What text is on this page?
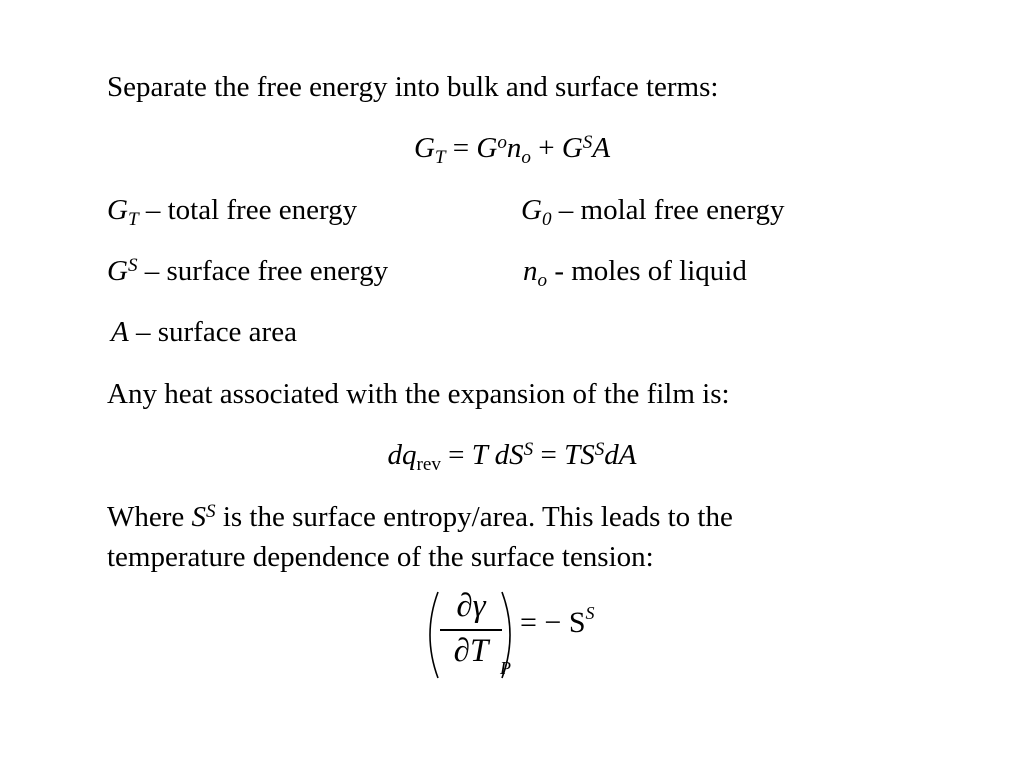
Separate the free energy into bulk and surface terms:
$G_T = G^on_o + G^SA$
$G_T$ – total free energy	$G_0$ – molal free energy
$G^S$ – surface free energy	$n_o$ - moles of liquid
A – surface area
Any heat associated with the expansion of the film is:
$dq_{rev} = T$ $dS^S = TS^SdA$
Where $S^S$ is the surface entropy/area. This leads to the
temperature dependence of the surface tension:
∂γ
∂T P
= − $S^S$
